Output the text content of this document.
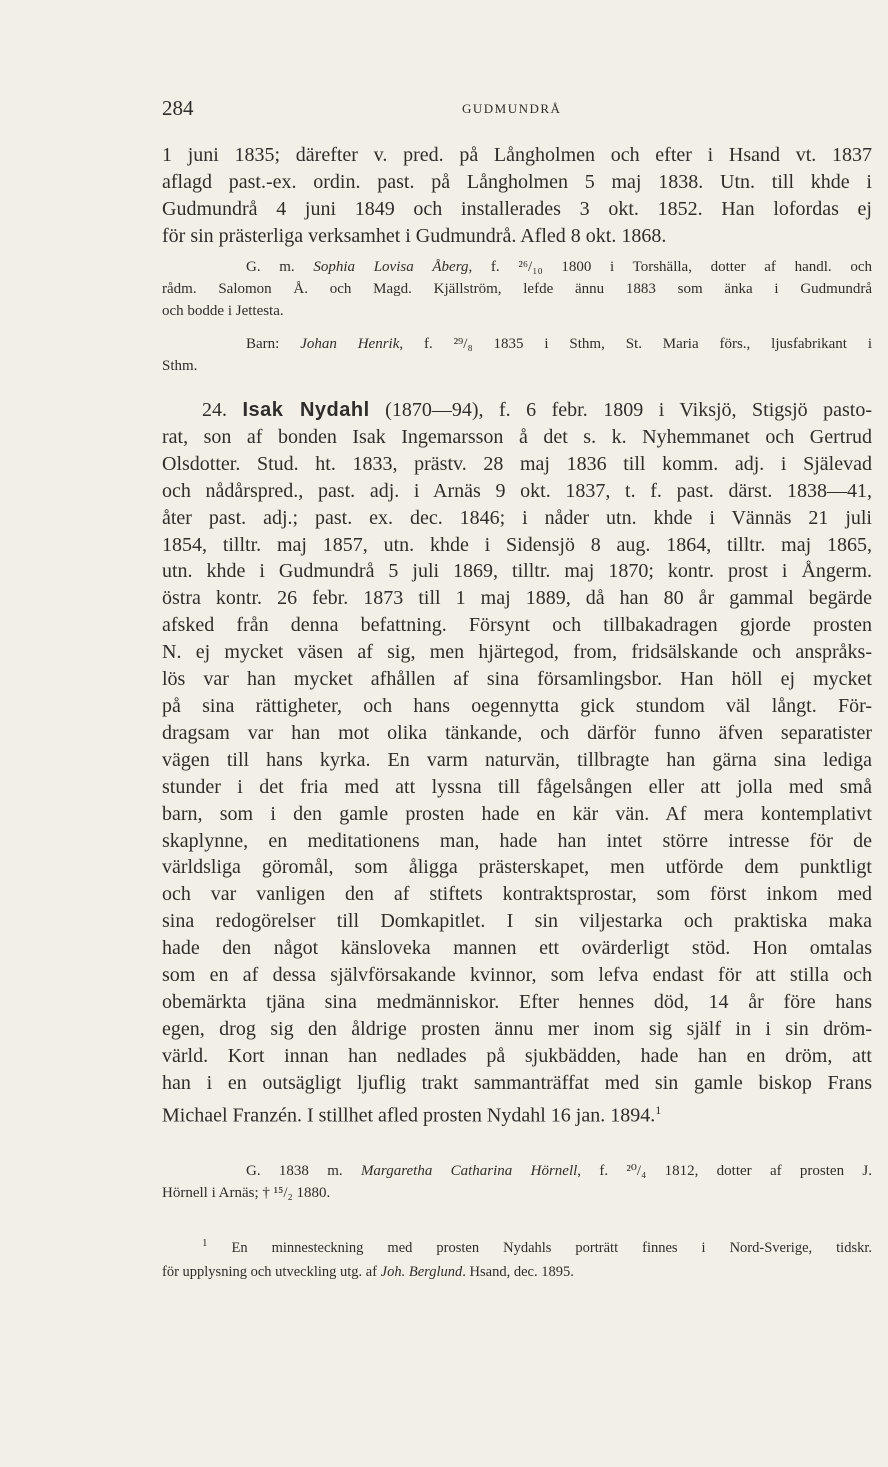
284	GUDMUNDRÅ
1 juni 1835; därefter v. pred. på Långholmen och efter i Hsand vt. 1837
aflagd past.-ex. ordin. past. på Långholmen 5 maj 1838. Utn. till khde i
Gudmundrå 4 juni 1849 och installerades 3 okt. 1852. Han lofordas ej
för sin prästerliga verksamhet i Gudmundrå. Afled 8 okt. 1868.
G. m. Sophia Lovisa Åberg, f. ²⁶/₁₀ 1800 i Torshälla, dotter af handl. och
rådm. Salomon Å. och Magd. Kjällström, lefde ännu 1883 som änka i Gudmundrå
och bodde i Jettesta.
Barn: Johan Henrik, f. ²⁹/₈ 1835 i Sthm, St. Maria förs., ljusfabrikant i
Sthm.
24. Isak Nydahl (1870—94), f. 6 febr. 1809 i Viksjö, Stigsjö pasto-
rat, son af bonden Isak Ingemarsson å det s. k. Nyhemmanet och Gertrud
Olsdotter. Stud. ht. 1833, prästv. 28 maj 1836 till komm. adj. i Själevad
och nådårspred., past. adj. i Arnäs 9 okt. 1837, t. f. past. därst. 1838—41,
åter past. adj.; past. ex. dec. 1846; i nåder utn. khde i Vännäs 21 juli
1854, tilltr. maj 1857, utn. khde i Sidensjö 8 aug. 1864, tilltr. maj 1865,
utn. khde i Gudmundrå 5 juli 1869, tilltr. maj 1870; kontr. prost i Ångerm.
östra kontr. 26 febr. 1873 till 1 maj 1889, då han 80 år gammal begärde
afsked från denna befattning. Försynt och tillbakadragen gjorde prosten
N. ej mycket väsen af sig, men hjärtegod, from, fridsälskande och anspråks-
lös var han mycket afhållen af sina församlingsbor. Han höll ej mycket
på sina rättigheter, och hans oegennytta gick stundom väl långt. För-
dragsam var han mot olika tänkande, och därför funno äfven separatister
vägen till hans kyrka. En varm naturvän, tillbragte han gärna sina lediga
stunder i det fria med att lyssna till fågelsången eller att jolla med små
barn, som i den gamle prosten hade en kär vän. Af mera kontemplativt
skaplynne, en meditationens man, hade han intet större intresse för de
världsliga göromål, som åligga prästerskapet, men utförde dem punktligt
och var vanligen den af stiftets kontraktsprostar, som först inkom med
sina redogörelser till Domkapitlet. I sin viljestarka och praktiska maka
hade den något känsloveka mannen ett ovärderligt stöd. Hon omtalas
som en af dessa självförsakande kvinnor, som lefva endast för att stilla och
obemärkta tjäna sina medmänniskor. Efter hennes död, 14 år före hans
egen, drog sig den åldrige prosten ännu mer inom sig själf in i sin dröm-
värld. Kort innan han nedlades på sjukbädden, hade han en dröm, att
han i en outsägligt ljuflig trakt sammanträffat med sin gamle biskop Frans
Michael Franzén. I stillhet afled prosten Nydahl 16 jan. 1894.$^1$
G. 1838 m. Margaretha Catharina Hörnell, f. ²⁰/₄ 1812, dotter af prosten J.
Hörnell i Arnäs; † ¹⁵/₂ 1880.
$^1$ En minnesteckning med prosten Nydahls porträtt finnes i Nord-Sverige, tidskr.
för upplysning och utveckling utg. af Joh. Berglund. Hsand, dec. 1895.
